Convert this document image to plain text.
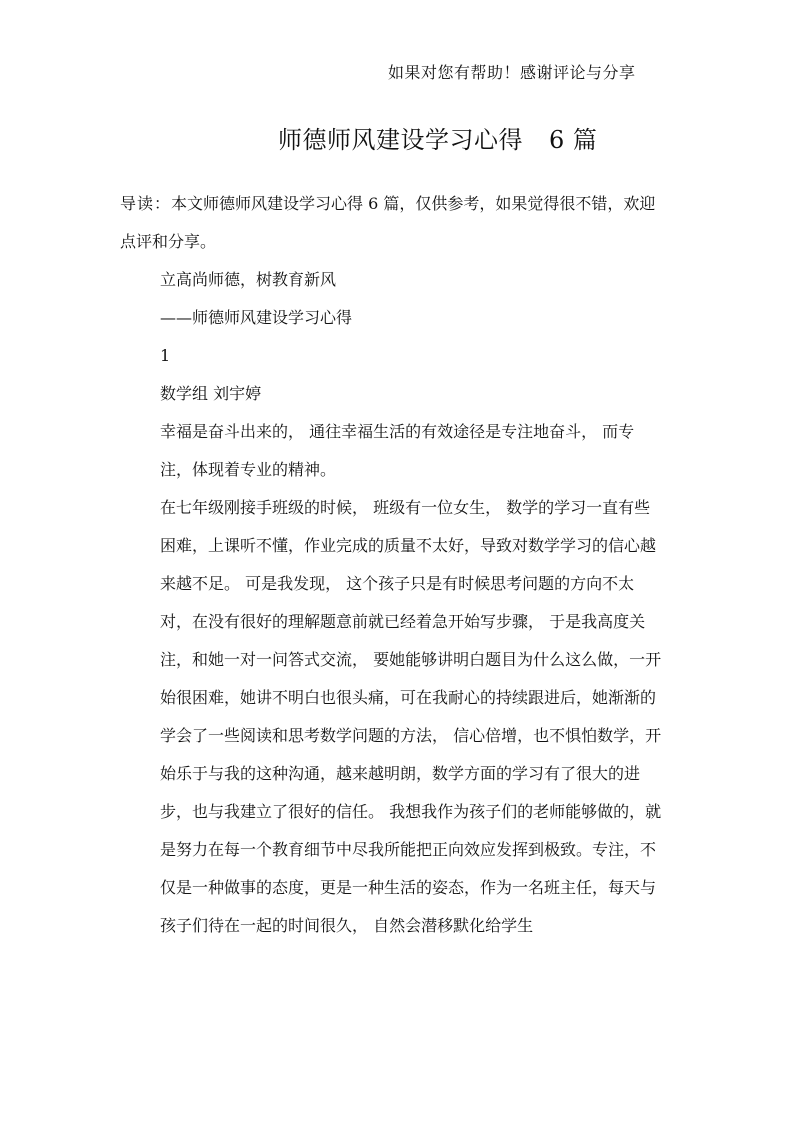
如果对您有帮助！感谢评论与分享
师德师风建设学习心得 6 篇

导读：本文师德师风建设学习心得 6 篇，仅供参考，如果觉得很不错，欢迎点评和分享。

立高尚师德，树教育新风

——师德师风建设学习心得

1

数学组 刘宇婷

幸福是奋斗出来的， 通往幸福生活的有效途径是专注地奋斗， 而专注，体现着专业的精神。

在七年级刚接手班级的时候， 班级有一位女生， 数学的学习一直有些困难，上课听不懂，作业完成的质量不太好，导致对数学学习的信心越来越不足。 可是我发现， 这个孩子只是有时候思考问题的方向不太对，在没有很好的理解题意前就已经着急开始写步骤， 于是我高度关注，和她一对一问答式交流， 要她能够讲明白题目为什么这么做，一开始很困难，她讲不明白也很头痛，可在我耐心的持续跟进后，她渐渐的学会了一些阅读和思考数学问题的方法， 信心倍增，也不惧怕数学，开始乐于与我的这种沟通，越来越明朗，数学方面的学习有了很大的进步，也与我建立了很好的信任。 我想我作为孩子们的老师能够做的，就是努力在每一个教育细节中尽我所能把正向效应发挥到极致。专注，不仅是一种做事的态度，更是一种生活的姿态，作为一名班主任，每天与孩子们待在一起的时间很久， 自然会潜移默化给学生
